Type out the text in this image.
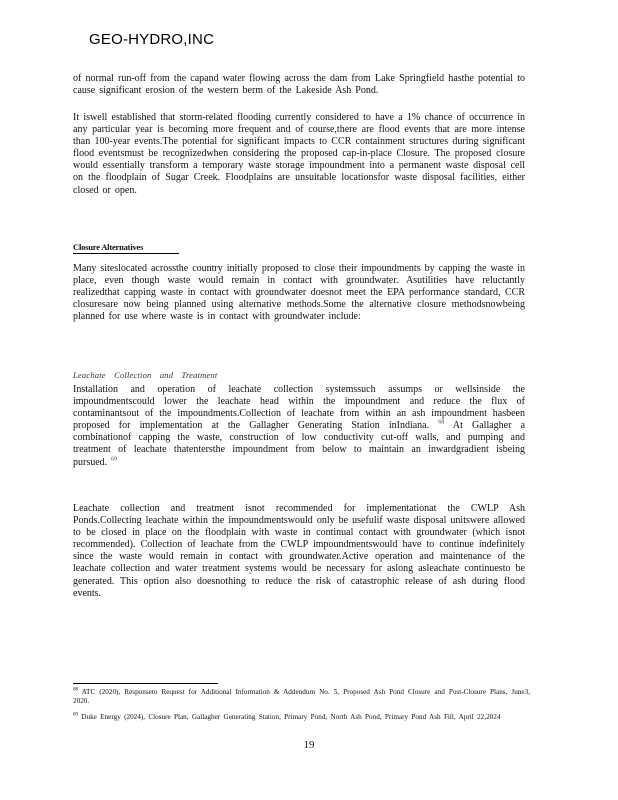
GEO-HYDRO,INC

of normal run-off from the capand water flowing across the dam from Lake Springfield hasthe potential to cause significant erosion of the western berm of the Lakeside Ash Pond.

It iswell established that storm-related flooding currently considered to have a 1% chance of occurrence in any particular year is becoming more frequent and of course,there are flood events that are more intense than 100-year events.The potential for significant impacts to CCR containment structures during significant flood eventsmust be recognizedwhen considering the proposed cap-in-place Closure. The proposed closure would essentially transform a temporary waste storage impoundment into a permanent waste disposal cell on the floodplain of Sugar Creek. Floodplains are unsuitable locationsfor waste disposal facilities, either closed or open.

Closure Alternatives

Many siteslocated acrossthe country initially proposed to close their impoundments by capping the waste in place, even though waste would remain in contact with groundwater. Asutilities have reluctantly realizedthat capping waste in contact with groundwater doesnot meet the EPA performance standard, CCR closuresare now being planned using alternative methods.Some the alternative closure methodsnowbeing planned for use where waste is in contact with groundwater include:

Leachate Collection and Treatment

Installation and operation of leachate collection systemssuch assumps or wellsinside the impoundmentscould lower the leachate head within the impoundment and reduce the flux of contaminantsout of the impoundments.Collection of leachate from within an ash impoundment hasbeen proposed for implementation at the Gallagher Generating Station inIndiana. $^{68}$ At Gallagher a combinationof capping the waste, construction of low conductivity cut-off walls, and pumping and treatment of leachate thatentersthe impoundment from below to maintain an inwardgradient isbeing pursued. $^{69}$

Leachate collection and treatment isnot recommended for implementationat the CWLP Ash Ponds.Collecting leachate within the impoundmentswould only be usefulif waste disposal unitswere allowed to be closed in place on the floodplain with waste in continual contact with groundwater (which isnot recommended). Collection of leachate from the CWLP impoundmentswould have to continue indefinitely since the waste would remain in contact with groundwater.Active operation and maintenance of the leachate collection and water treatment systems would be necessary for aslong asleachate continuesto be generated. This option also doesnothing to reduce the risk of catastrophic release of ash during flood events.

$^{68}$ ATC (2020), Responseto Request for Additional Information & Addendum No. 5, Proposed Ash Pond Closure and Post-Closure Plans, June3, 2020.
$^{69}$ Duke Energy (2024), Closure Plan, Gallagher Generating Station, Primary Pond, North Ash Pond, Primary Pond Ash Fill, April 22,2024
19
